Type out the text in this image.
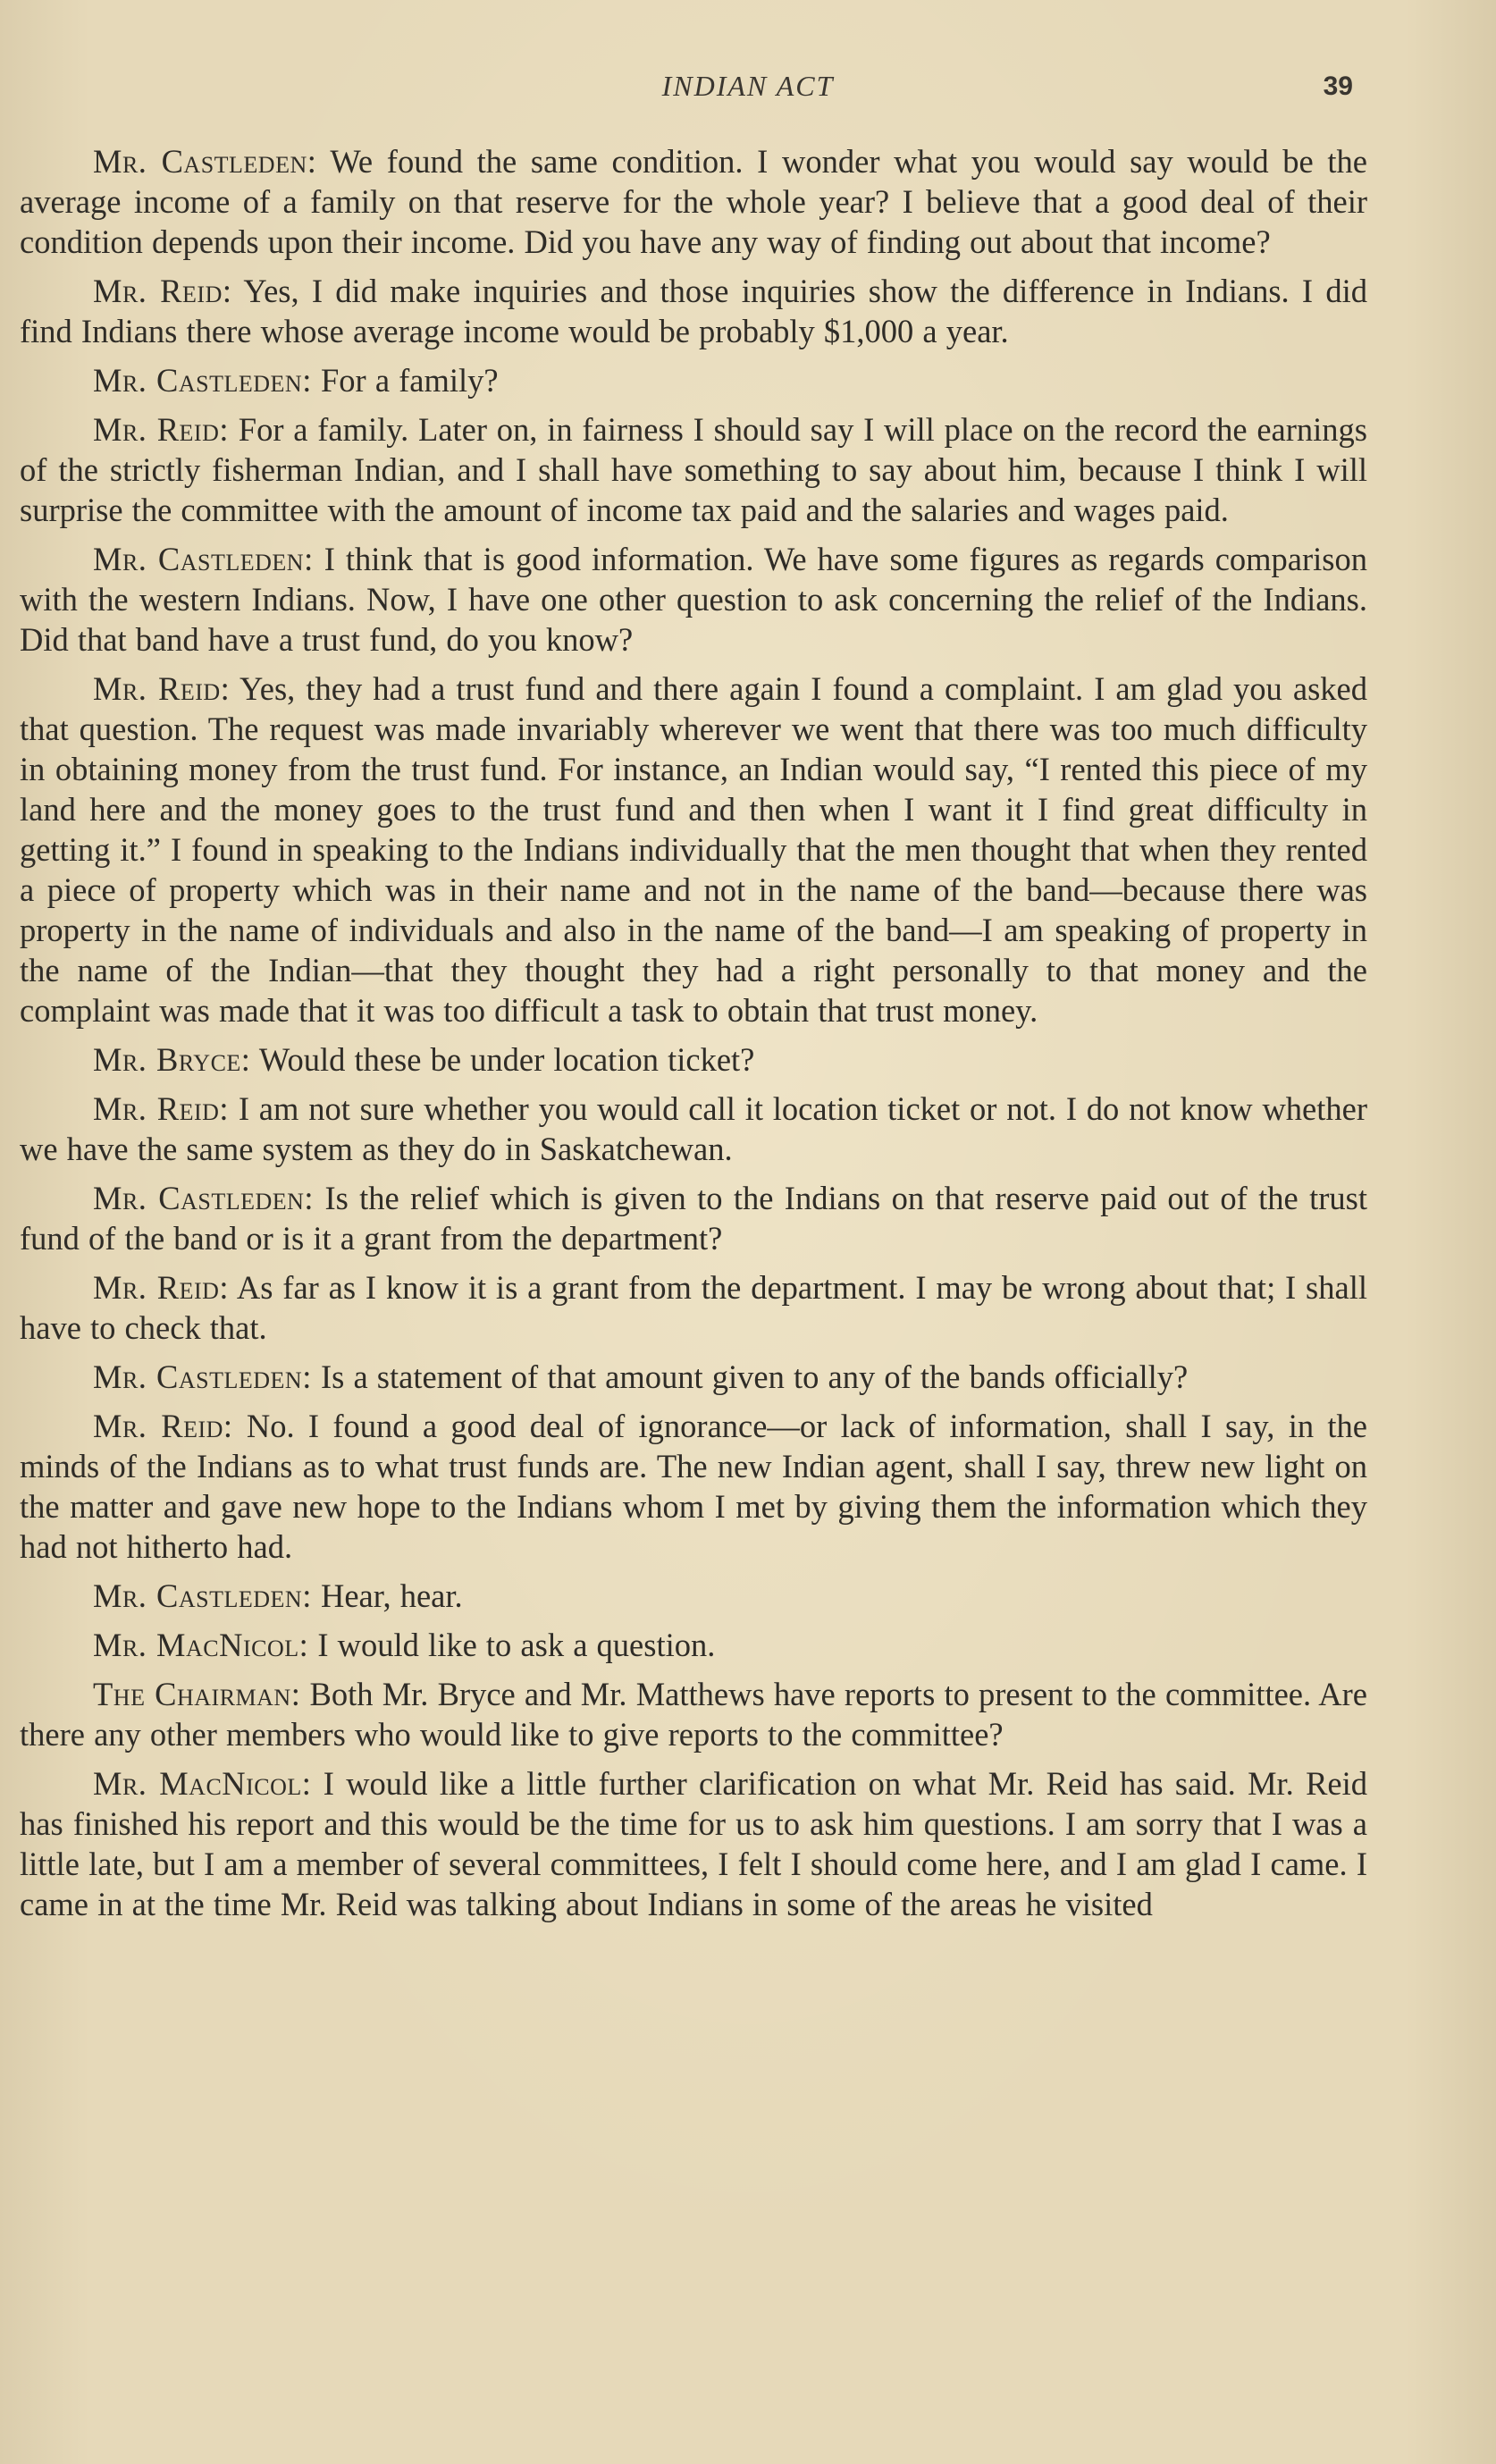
INDIAN ACT	39

Mr. Castleden: We found the same condition. I wonder what you would say would be the average income of a family on that reserve for the whole year? I believe that a good deal of their condition depends upon their income. Did you have any way of finding out about that income?

Mr. Reid: Yes, I did make inquiries and those inquiries show the difference in Indians. I did find Indians there whose average income would be probably $1,000 a year.

Mr. Castleden: For a family?

Mr. Reid: For a family. Later on, in fairness I should say I will place on the record the earnings of the strictly fisherman Indian, and I shall have something to say about him, because I think I will surprise the committee with the amount of income tax paid and the salaries and wages paid.

Mr. Castleden: I think that is good information. We have some figures as regards comparison with the western Indians. Now, I have one other question to ask concerning the relief of the Indians. Did that band have a trust fund, do you know?

Mr. Reid: Yes, they had a trust fund and there again I found a complaint. I am glad you asked that question. The request was made invariably wherever we went that there was too much difficulty in obtaining money from the trust fund. For instance, an Indian would say, “I rented this piece of my land here and the money goes to the trust fund and then when I want it I find great difficulty in getting it.” I found in speaking to the Indians individually that the men thought that when they rented a piece of property which was in their name and not in the name of the band—because there was property in the name of individuals and also in the name of the band—I am speaking of property in the name of the Indian—that they thought they had a right personally to that money and the complaint was made that it was too difficult a task to obtain that trust money.

Mr. Bryce: Would these be under location ticket?

Mr. Reid: I am not sure whether you would call it location ticket or not. I do not know whether we have the same system as they do in Saskatchewan.

Mr. Castleden: Is the relief which is given to the Indians on that reserve paid out of the trust fund of the band or is it a grant from the department?

Mr. Reid: As far as I know it is a grant from the department. I may be wrong about that; I shall have to check that.

Mr. Castleden: Is a statement of that amount given to any of the bands officially?

Mr. Reid: No. I found a good deal of ignorance—or lack of information, shall I say, in the minds of the Indians as to what trust funds are. The new Indian agent, shall I say, threw new light on the matter and gave new hope to the Indians whom I met by giving them the information which they had not hitherto had.

Mr. Castleden: Hear, hear.

Mr. MacNicol: I would like to ask a question.

The Chairman: Both Mr. Bryce and Mr. Matthews have reports to present to the committee. Are there any other members who would like to give reports to the committee?

Mr. MacNicol: I would like a little further clarification on what Mr. Reid has said. Mr. Reid has finished his report and this would be the time for us to ask him questions. I am sorry that I was a little late, but I am a member of several committees, I felt I should come here, and I am glad I came. I came in at the time Mr. Reid was talking about Indians in some of the areas he visited
